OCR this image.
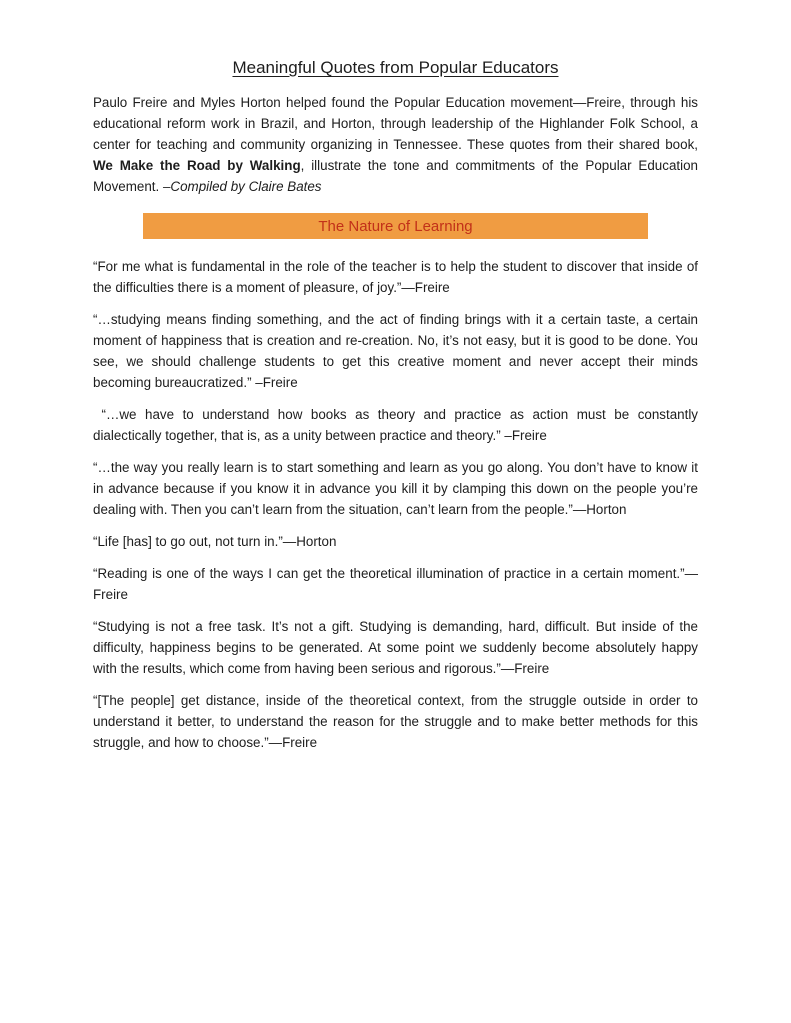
Meaningful Quotes from Popular Educators

Paulo Freire and Myles Horton helped found the Popular Education movement—Freire, through his educational reform work in Brazil, and Horton, through leadership of the Highlander Folk School, a center for teaching and community organizing in Tennessee. These quotes from their shared book, We Make the Road by Walking, illustrate the tone and commitments of the Popular Education Movement. –Compiled by Claire Bates

The Nature of Learning

“For me what is fundamental in the role of the teacher is to help the student to discover that inside of the difficulties there is a moment of pleasure, of joy.”—Freire

“…studying means finding something, and the act of finding brings with it a certain taste, a certain moment of happiness that is creation and re-creation. No, it’s not easy, but it is good to be done. You see, we should challenge students to get this creative moment and never accept their minds becoming bureaucratized.” –Freire

“…we have to understand how books as theory and practice as action must be constantly dialectically together, that is, as a unity between practice and theory.” –Freire

“…the way you really learn is to start something and learn as you go along. You don’t have to know it in advance because if you know it in advance you kill it by clamping this down on the people you’re dealing with. Then you can’t learn from the situation, can’t learn from the people.”—Horton

“Life [has] to go out, not turn in.”—Horton

“Reading is one of the ways I can get the theoretical illumination of practice in a certain moment.”—Freire

“Studying is not a free task. It’s not a gift. Studying is demanding, hard, difficult. But inside of the difficulty, happiness begins to be generated. At some point we suddenly become absolutely happy with the results, which come from having been serious and rigorous.”—Freire

“[The people] get distance, inside of the theoretical context, from the struggle outside in order to understand it better, to understand the reason for the struggle and to make better methods for this struggle, and how to choose.”—Freire
